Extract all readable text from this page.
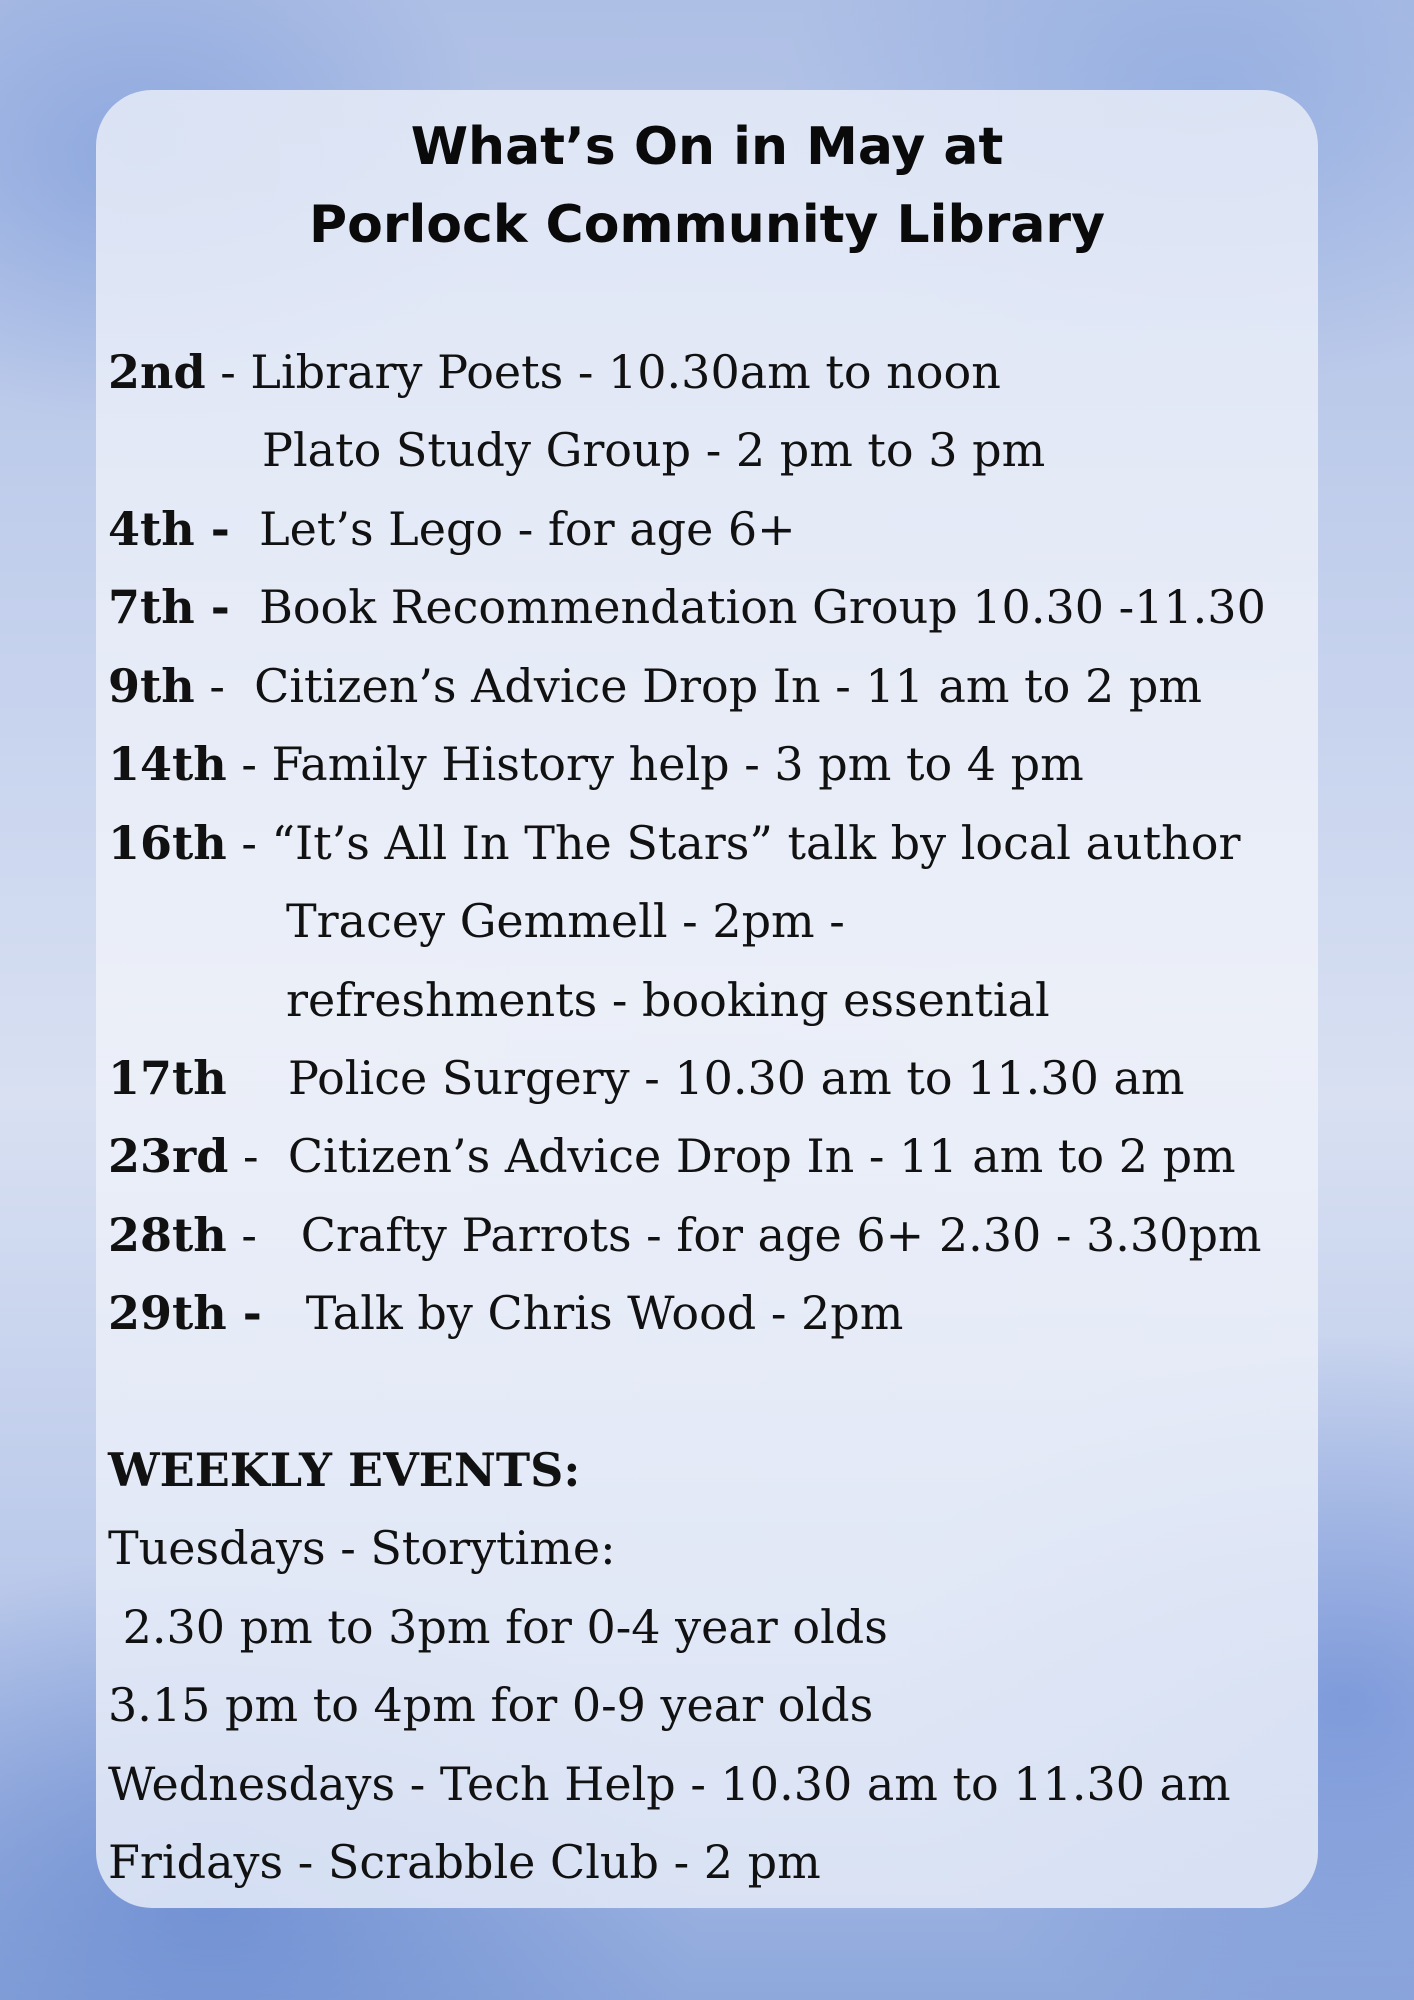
What’s On in May at
Porlock Community Library
2nd - Library Poets - 10.30am to noon
Plato Study Group - 2 pm to 3 pm
4th - Let’s Lego - for age 6+
7th - Book Recommendation Group 10.30 -11.30
9th -  Citizen’s Advice Drop In - 11 am to 2 pm
14th - Family History help - 3 pm to 4 pm
16th - “It’s All In The Stars” talk by local author
Tracey Gemmell - 2pm -
refreshments - booking essential
17th Police Surgery - 10.30 am to 11.30 am
23rd -  Citizen’s Advice Drop In - 11 am to 2 pm
28th -   Crafty Parrots - for age 6+ 2.30 - 3.30pm
29th - Talk by Chris Wood - 2pm
WEEKLY EVENTS:
Tuesdays - Storytime:
2.30 pm to 3pm for 0-4 year olds
3.15 pm to 4pm for 0-9 year olds
Wednesdays - Tech Help - 10.30 am to 11.30 am
Fridays - Scrabble Club - 2 pm
